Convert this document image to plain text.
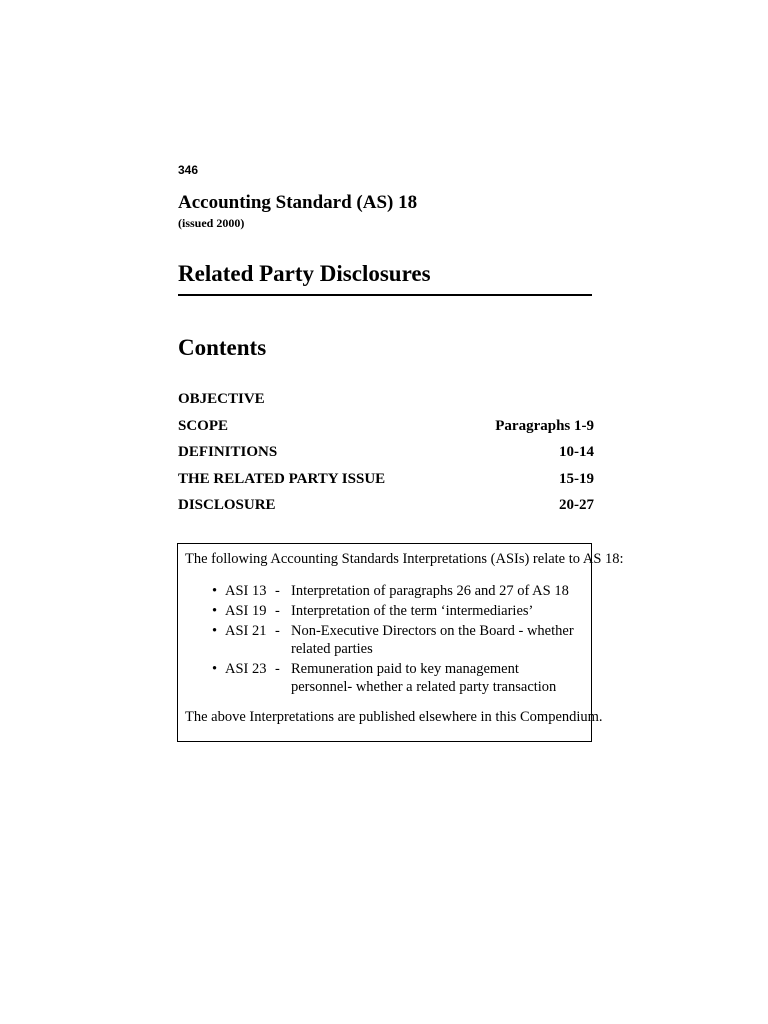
346
Accounting Standard (AS) 18
(issued 2000)
Related Party Disclosures
Contents
OBJECTIVE
SCOPE	Paragraphs 1-9
DEFINITIONS	10-14
THE RELATED PARTY ISSUE	15-19
DISCLOSURE	20-27
The following Accounting Standards Interpretations (ASIs) relate to AS 18:
• ASI 13 - Interpretation of paragraphs 26 and 27 of AS 18
• ASI 19 - Interpretation of the term ‘intermediaries’
• ASI 21 - Non-Executive Directors on the Board - whether related parties
• ASI 23 - Remuneration paid to key management personnel- whether a related party transaction
The above Interpretations are published elsewhere in this Compendium.
